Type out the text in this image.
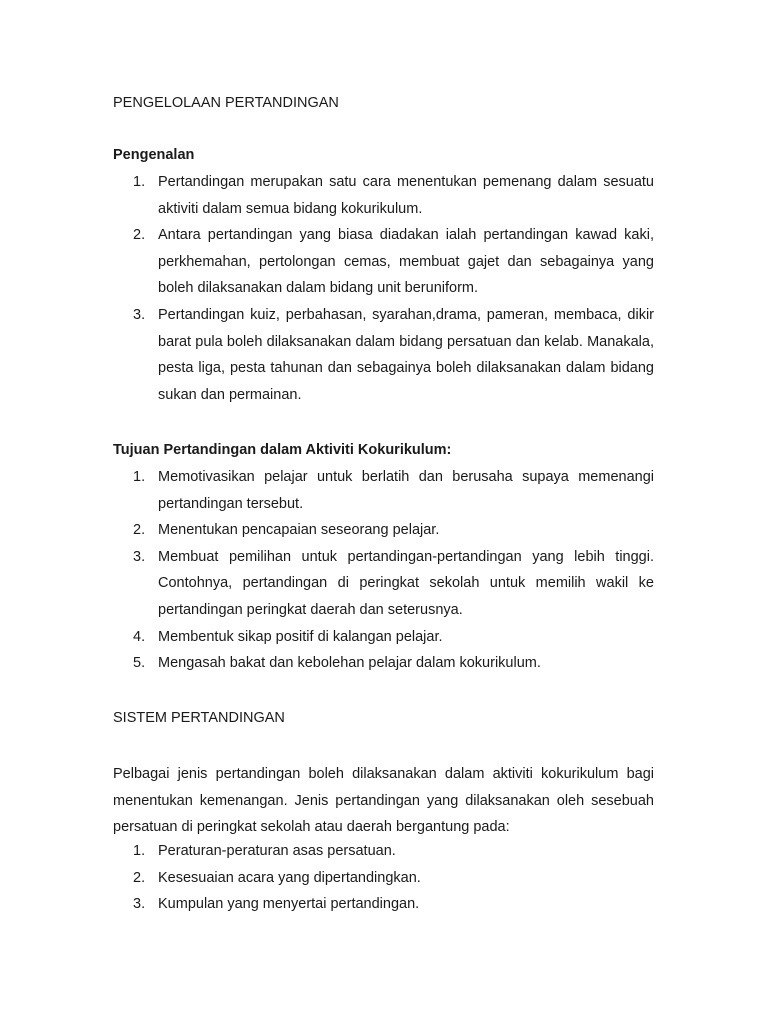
PENGELOLAAN PERTANDINGAN
Pengenalan
1. Pertandingan merupakan satu cara menentukan pemenang dalam sesuatu aktiviti dalam semua bidang kokurikulum.
2. Antara pertandingan yang biasa diadakan ialah pertandingan kawad kaki, perkhemahan, pertolongan cemas, membuat gajet dan sebagainya yang boleh dilaksanakan dalam bidang unit beruniform.
3. Pertandingan kuiz, perbahasan, syarahan,drama, pameran, membaca, dikir barat pula boleh dilaksanakan dalam bidang persatuan dan kelab. Manakala, pesta liga, pesta tahunan dan sebagainya boleh dilaksanakan dalam bidang sukan dan permainan.
Tujuan Pertandingan dalam Aktiviti Kokurikulum:
1. Memotivasikan pelajar untuk berlatih dan berusaha supaya memenangi pertandingan tersebut.
2. Menentukan pencapaian seseorang pelajar.
3. Membuat pemilihan untuk pertandingan-pertandingan yang lebih tinggi. Contohnya, pertandingan di peringkat sekolah untuk memilih wakil ke pertandingan peringkat daerah dan seterusnya.
4. Membentuk sikap positif di kalangan pelajar.
5. Mengasah bakat dan kebolehan pelajar dalam kokurikulum.
SISTEM PERTANDINGAN

Pelbagai jenis pertandingan boleh dilaksanakan dalam aktiviti kokurikulum bagi menentukan kemenangan. Jenis pertandingan yang dilaksanakan oleh sesebuah persatuan di peringkat sekolah atau daerah bergantung pada:

1. Peraturan-peraturan asas persatuan.
2. Kesesuaian acara yang dipertandingkan.
3. Kumpulan yang menyertai pertandingan.
